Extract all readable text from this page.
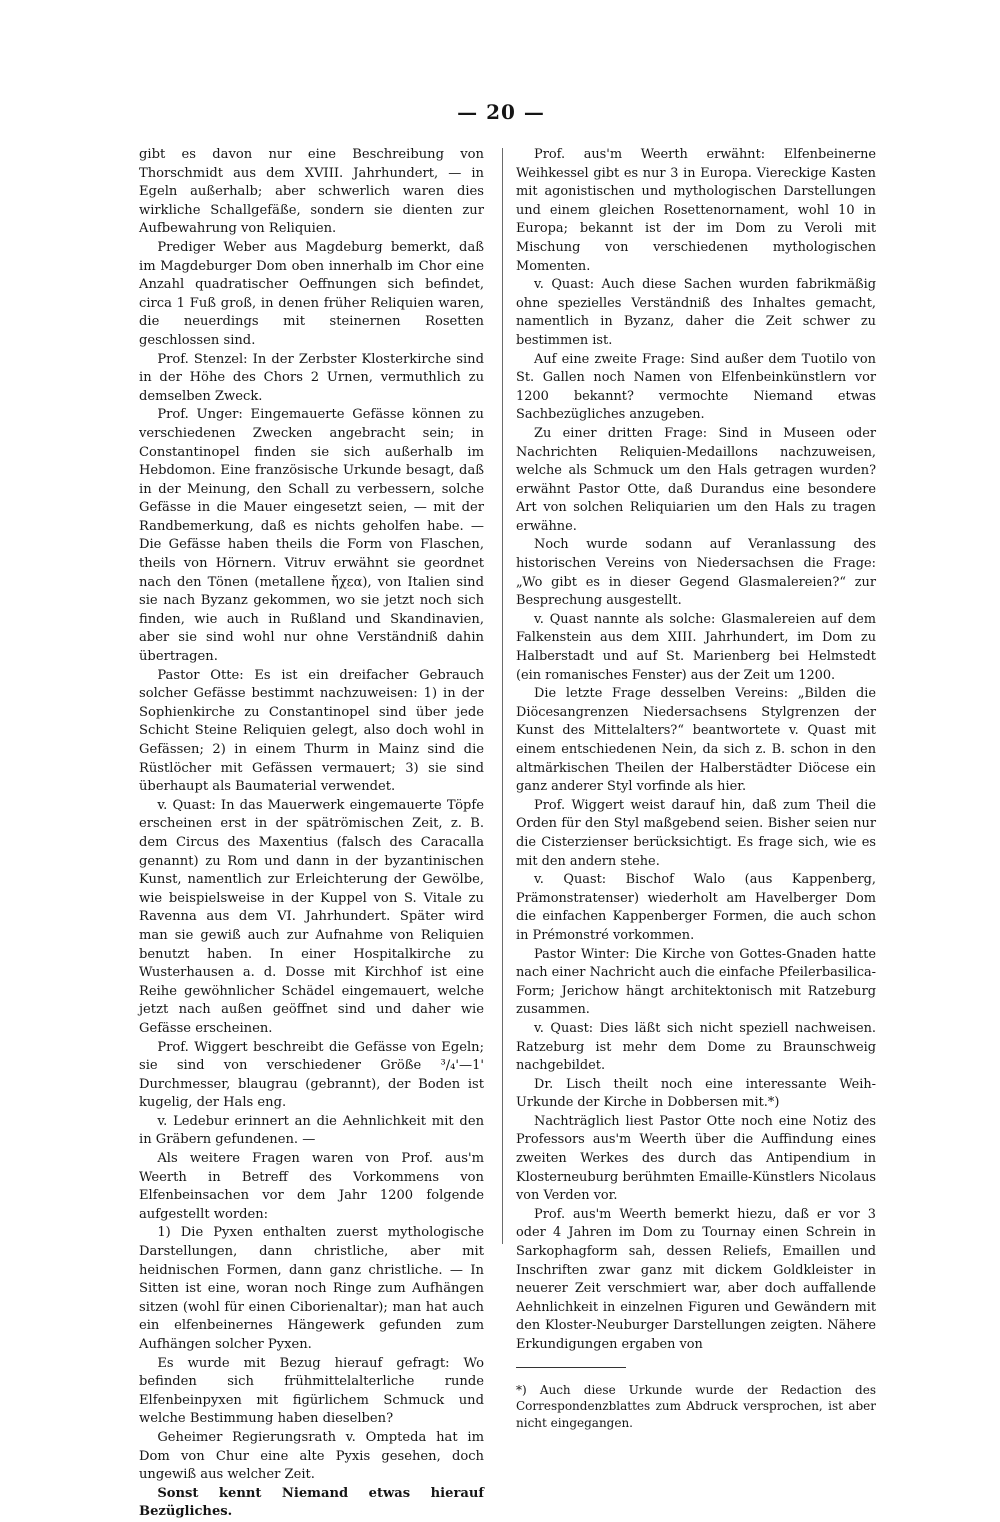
— 20 —

gibt es davon nur eine Beschreibung von Thorschmidt aus dem XVIII. Jahrhundert, — in Egeln außerhalb; aber schwerlich waren dies wirkliche Schallgefäße, sondern sie dienten zur Aufbewahrung von Reliquien.

Prediger Weber aus Magdeburg bemerkt, daß im Magdeburger Dom oben innerhalb im Chor eine Anzahl quadratischer Oeffnungen sich befindet, circa 1 Fuß groß, in denen früher Reliquien waren, die neuerdings mit steinernen Rosetten geschlossen sind.

Prof. Stenzel: In der Zerbster Klosterkirche sind in der Höhe des Chors 2 Urnen, vermuthlich zu demselben Zweck.

Prof. Unger: Eingemauerte Gefässe können zu verschiedenen Zwecken angebracht sein; in Constantinopel finden sie sich außerhalb im Hebdomon. Eine französische Urkunde besagt, daß in der Meinung, den Schall zu verbessern, solche Gefässe in die Mauer eingesetzt seien, — mit der Randbemerkung, daß es nichts geholfen habe. — Die Gefässe haben theils die Form von Flaschen, theils von Hörnern. Vitruv erwähnt sie geordnet nach den Tönen (metallene ἤχεα), von Italien sind sie nach Byzanz gekommen, wo sie jetzt noch sich finden, wie auch in Rußland und Skandinavien, aber sie sind wohl nur ohne Verständniß dahin übertragen.

Pastor Otte: Es ist ein dreifacher Gebrauch solcher Gefässe bestimmt nachzuweisen: 1) in der Sophienkirche zu Constantinopel sind über jede Schicht Steine Reliquien gelegt, also doch wohl in Gefässen; 2) in einem Thurm in Mainz sind die Rüstlöcher mit Gefässen vermauert; 3) sie sind überhaupt als Baumaterial verwendet.

v. Quast: In das Mauerwerk eingemauerte Töpfe erscheinen erst in der spätrömischen Zeit, z. B. dem Circus des Maxentius (falsch des Caracalla genannt) zu Rom und dann in der byzantinischen Kunst, namentlich zur Erleichterung der Gewölbe, wie beispielsweise in der Kuppel von S. Vitale zu Ravenna aus dem VI. Jahrhundert. Später wird man sie gewiß auch zur Aufnahme von Reliquien benutzt haben. In einer Hospitalkirche zu Wusterhausen a. d. Dosse mit Kirchhof ist eine Reihe gewöhnlicher Schädel eingemauert, welche jetzt nach außen geöffnet sind und daher wie Gefässe erscheinen.

Prof. Wiggert beschreibt die Gefässe von Egeln; sie sind von verschiedener Größe ³/₄'—1' Durchmesser, blaugrau (gebrannt), der Boden ist kugelig, der Hals eng.

v. Ledebur erinnert an die Aehnlichkeit mit den in Gräbern gefundenen. —

Als weitere Fragen waren von Prof. aus'm Weerth in Betreff des Vorkommens von Elfenbeinsachen vor dem Jahr 1200 folgende aufgestellt worden:

1) Die Pyxen enthalten zuerst mythologische Darstellungen, dann christliche, aber mit heidnischen Formen, dann ganz christliche. — In Sitten ist eine, woran noch Ringe zum Aufhängen sitzen (wohl für einen Ciborienaltar); man hat auch ein elfenbeinernes Hängewerk gefunden zum Aufhängen solcher Pyxen.

Es wurde mit Bezug hierauf gefragt: Wo befinden sich frühmittelalterliche runde Elfenbeinpyxen mit figürlichem Schmuck und welche Bestimmung haben dieselben?

Geheimer Regierungsrath v. Ompteda hat im Dom von Chur eine alte Pyxis gesehen, doch ungewiß aus welcher Zeit.

Sonst kennt Niemand etwas hierauf Bezügliches.

Prof. aus'm Weerth erwähnt: Elfenbeinerne Weihkessel gibt es nur 3 in Europa. Viereckige Kasten mit agonistischen und mythologischen Darstellungen und einem gleichen Rosettenornament, wohl 10 in Europa; bekannt ist der im Dom zu Veroli mit Mischung von verschiedenen mythologischen Momenten.

v. Quast: Auch diese Sachen wurden fabrikmäßig ohne spezielles Verständniß des Inhaltes gemacht, namentlich in Byzanz, daher die Zeit schwer zu bestimmen ist.

Auf eine zweite Frage: Sind außer dem Tuotilo von St. Gallen noch Namen von Elfenbeinkünstlern vor 1200 bekannt? vermochte Niemand etwas Sachbezügliches anzugeben.

Zu einer dritten Frage: Sind in Museen oder Nachrichten Reliquien-Medaillons nachzuweisen, welche als Schmuck um den Hals getragen wurden? erwähnt Pastor Otte, daß Durandus eine besondere Art von solchen Reliquiarien um den Hals zu tragen erwähne.

Noch wurde sodann auf Veranlassung des historischen Vereins von Niedersachsen die Frage: „Wo gibt es in dieser Gegend Glasmalereien?“ zur Besprechung ausgestellt.

v. Quast nannte als solche: Glasmalereien auf dem Falkenstein aus dem XIII. Jahrhundert, im Dom zu Halberstadt und auf St. Marienberg bei Helmstedt (ein romanisches Fenster) aus der Zeit um 1200.

Die letzte Frage desselben Vereins: „Bilden die Diöcesangrenzen Niedersachsens Stylgrenzen der Kunst des Mittelalters?“ beantwortete v. Quast mit einem entschiedenen Nein, da sich z. B. schon in den altmärkischen Theilen der Halberstädter Diöcese ein ganz anderer Styl vorfinde als hier.

Prof. Wiggert weist darauf hin, daß zum Theil die Orden für den Styl maßgebend seien. Bisher seien nur die Cisterzienser berücksichtigt. Es frage sich, wie es mit den andern stehe.

v. Quast: Bischof Walo (aus Kappenberg, Prämonstratenser) wiederholt am Havelberger Dom die einfachen Kappenberger Formen, die auch schon in Prémonstré vorkommen.

Pastor Winter: Die Kirche von Gottes-Gnaden hatte nach einer Nachricht auch die einfache Pfeilerbasilica-Form; Jerichow hängt architektonisch mit Ratzeburg zusammen.

v. Quast: Dies läßt sich nicht speziell nachweisen. Ratzeburg ist mehr dem Dome zu Braunschweig nachgebildet.

Dr. Lisch theilt noch eine interessante Weih-Urkunde der Kirche in Dobbersen mit.*)

Nachträglich liest Pastor Otte noch eine Notiz des Professors aus'm Weerth über die Auffindung eines zweiten Werkes des durch das Antipendium in Klosterneuburg berühmten Emaille-Künstlers Nicolaus von Verden vor.

Prof. aus'm Weerth bemerkt hiezu, daß er vor 3 oder 4 Jahren im Dom zu Tournay einen Schrein in Sarkophagform sah, dessen Reliefs, Emaillen und Inschriften zwar ganz mit dickem Goldkleister in neuerer Zeit verschmiert war, aber doch auffallende Aehnlichkeit in einzelnen Figuren und Gewändern mit den Kloster-Neuburger Darstellungen zeigten. Nähere Erkundigungen ergaben von

*) Auch diese Urkunde wurde der Redaction des Correspondenzblattes zum Abdruck versprochen, ist aber nicht eingegangen.
